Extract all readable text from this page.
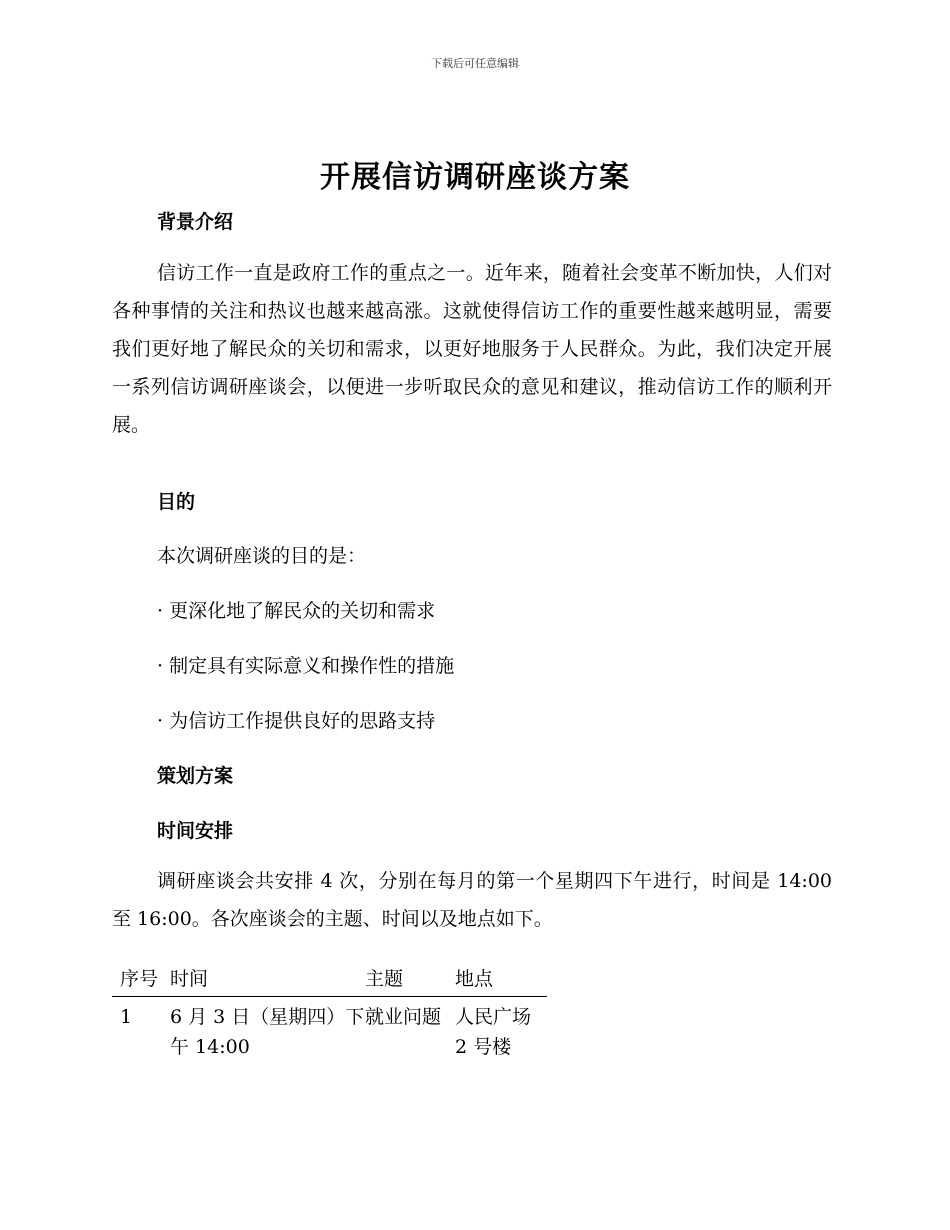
下载后可任意编辑
开展信访调研座谈方案
背景介绍
信访工作一直是政府工作的重点之一。近年来，随着社会变革不断加快，人们对各种事情的关注和热议也越来越高涨。这就使得信访工作的重要性越来越明显，需要我们更好地了解民众的关切和需求，以更好地服务于人民群众。为此，我们决定开展一系列信访调研座谈会，以便进一步听取民众的意见和建议，推动信访工作的顺利开展。
目的
本次调研座谈的目的是：
· 更深化地了解民众的关切和需求
· 制定具有实际意义和操作性的措施
· 为信访工作提供良好的思路支持
策划方案
时间安排
调研座谈会共安排 4 次，分别在每月的第一个星期四下午进行，时间是 14:00 至 16:00。各次座谈会的主题、时间以及地点如下。
序号	时间	主题	地点
1	6 月 3 日（星期四）下午 14:00	就业问题	人民广场 2 号楼
